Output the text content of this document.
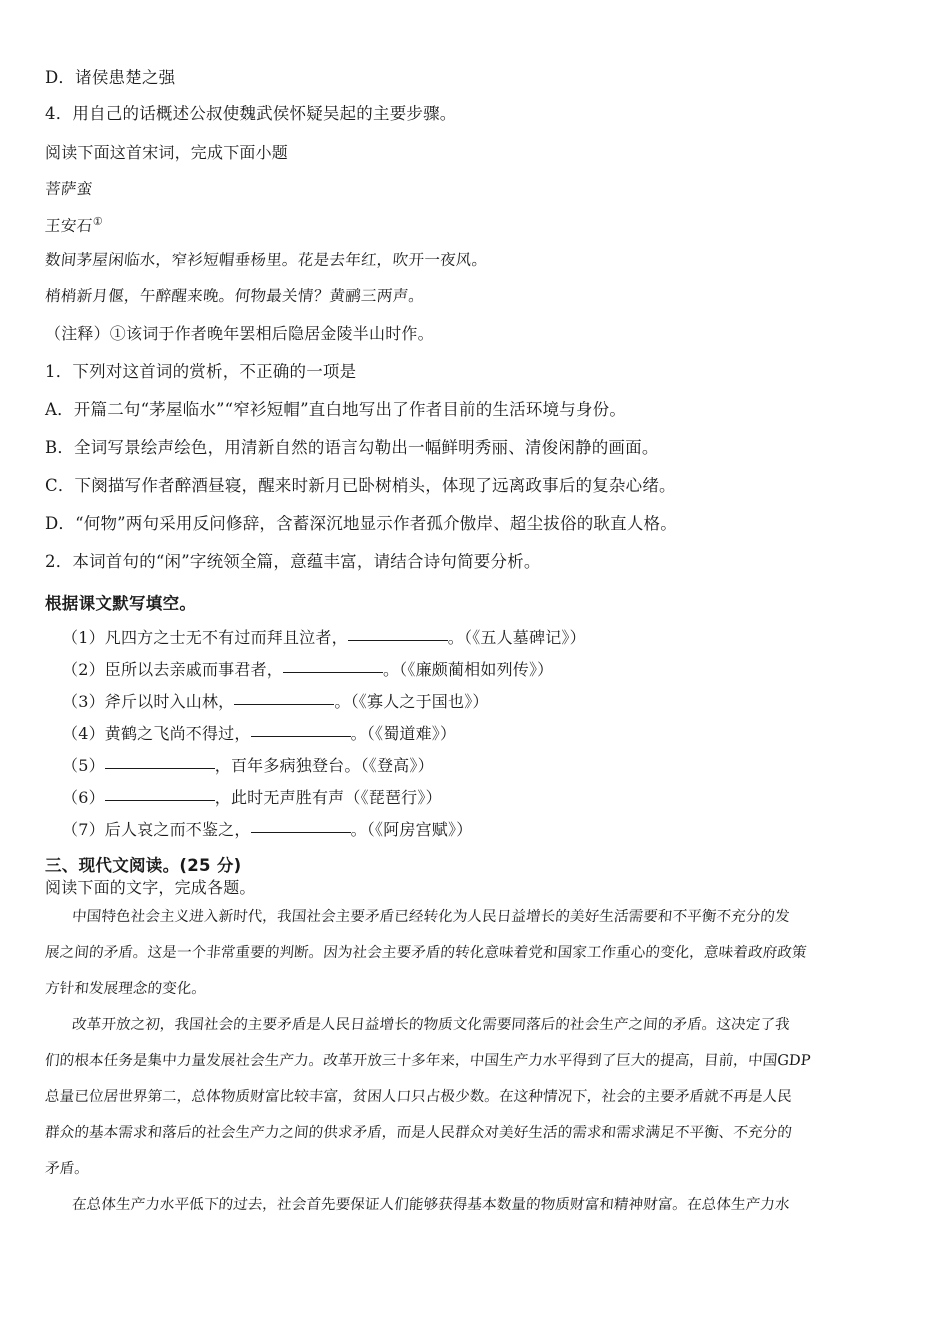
D．诸侯患楚之强
4．用自己的话概述公叔使魏武侯怀疑吴起的主要步骤。
阅读下面这首宋词，完成下面小题
菩萨蛮
王安石①
数间茅屋闲临水，窄衫短帽垂杨里。花是去年红，吹开一夜风。
梢梢新月偃，午醉醒来晚。何物最关情？黄鹂三两声。
（注释）①该词于作者晚年罢相后隐居金陵半山时作。
1．下列对这首词的赏析，不正确的一项是
A．开篇二句“茅屋临水”“窄衫短帽”直白地写出了作者目前的生活环境与身份。
B．全词写景绘声绘色，用清新自然的语言勾勒出一幅鲜明秀丽、清俊闲静的画面。
C．下阕描写作者醉酒昼寝，醒来时新月已卧树梢头，体现了远离政事后的复杂心绪。
D．“何物”两句采用反问修辞，含蓄深沉地显示作者孤介傲岸、超尘拔俗的耿直人格。
2．本词首句的“闲”字统领全篇，意蕴丰富，请结合诗句简要分析。
根据课文默写填空。
（1）凡四方之士无不有过而拜且泣者，	。（《五人墓碑记》）
（2）臣所以去亲戚而事君者，	。（《廉颇蔺相如列传》）
（3）斧斤以时入山林，	。（《寡人之于国也》）
（4）黄鹤之飞尚不得过，	。（《蜀道难》）
（5）	，百年多病独登台。（《登高》）
（6）	，此时无声胜有声（《琵琶行》）
（7）后人哀之而不鉴之，	。（《阿房宫赋》）
三、现代文阅读。(25 分)
阅读下面的文字，完成各题。
中国特色社会主义进入新时代，我国社会主要矛盾已经转化为人民日益增长的美好生活需要和不平衡不充分的发
展之间的矛盾。这是一个非常重要的判断。因为社会主要矛盾的转化意味着党和国家工作重心的变化，意味着政府政策
方针和发展理念的变化。
改革开放之初，我国社会的主要矛盾是人民日益增长的物质文化需要同落后的社会生产之间的矛盾。这决定了我
们的根本任务是集中力量发展社会生产力。改革开放三十多年来，中国生产力水平得到了巨大的提高，目前，中国GDP
总量已位居世界第二，总体物质财富比较丰富，贫困人口只占极少数。在这种情况下，社会的主要矛盾就不再是人民
群众的基本需求和落后的社会生产力之间的供求矛盾，而是人民群众对美好生活的需求和需求满足不平衡、不充分的
矛盾。
在总体生产力水平低下的过去，社会首先要保证人们能够获得基本数量的物质财富和精神财富。在总体生产力水
